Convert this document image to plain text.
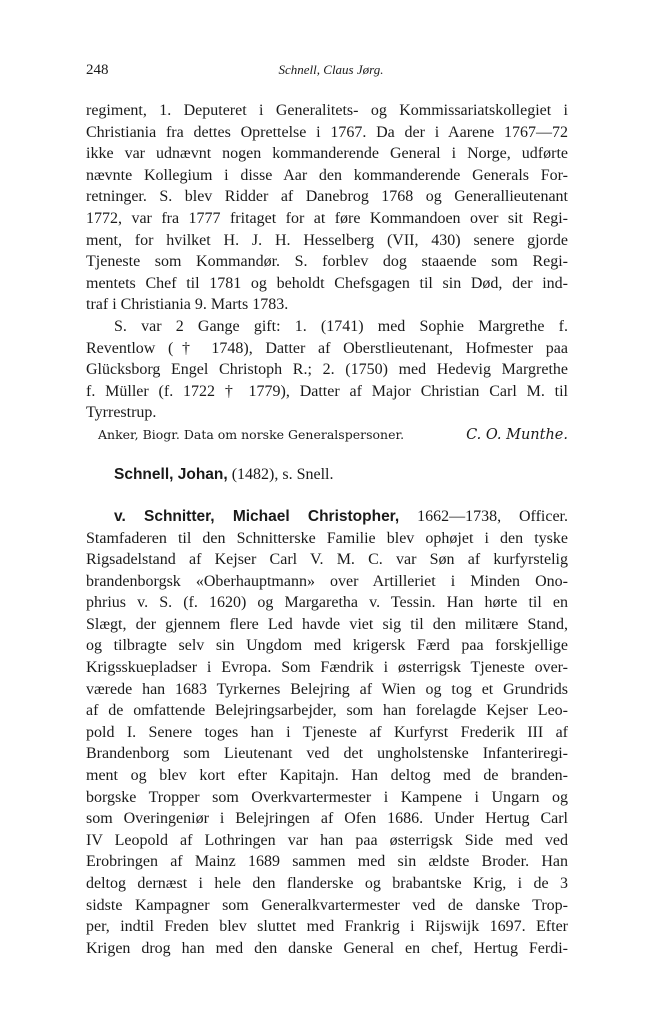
248	Schnell, Claus Jørg.
regiment, 1. Deputeret i Generalitets- og Kommissariatskollegiet i
Christiania fra dettes Oprettelse i 1767. Da der i Aarene 1767—72
ikke var udnævnt nogen kommanderende General i Norge, udførte
nævnte Kollegium i disse Aar den kommanderende Generals For-
retninger. S. blev Ridder af Danebrog 1768 og Generallieutenant
1772, var fra 1777 fritaget for at føre Kommandoen over sit Regi-
ment, for hvilket H. J. H. Hesselberg (VII, 430) senere gjorde
Tjeneste som Kommandør. S. forblev dog staaende som Regi-
mentets Chef til 1781 og beholdt Chefsgagen til sin Død, der ind-
traf i Christiania 9. Marts 1783.
S. var 2 Gange gift: 1. (1741) med Sophie Margrethe f.
Reventlow († 1748), Datter af Oberstlieutenant, Hofmester paa
Glücksborg Engel Christoph R.; 2. (1750) med Hedevig Margrethe
f. Müller (f. 1722 † 1779), Datter af Major Christian Carl M. til
Tyrrestrup.
Anker, Biogr. Data om norske Generalspersoner.	C. O. Munthe.
Schnell, Johan, (1482), s. Snell.
v. Schnitter, Michael Christopher, 1662—1738, Officer.
Stamfaderen til den Schnitterske Familie blev ophøjet i den tyske
Rigsadelstand af Kejser Carl V. M. C. var Søn af kurfyrstelig
brandenborgsk «Oberhauptmann» over Artilleriet i Minden Ono-
phrius v. S. (f. 1620) og Margaretha v. Tessin. Han hørte til en
Slægt, der gjennem flere Led havde viet sig til den militære Stand,
og tilbragte selv sin Ungdom med krigersk Færd paa forskjellige
Krigsskuepladser i Evropa. Som Fændrik i østerrigsk Tjeneste over-
værede han 1683 Tyrkernes Belejring af Wien og tog et Grundrids
af de omfattende Belejringsarbejder, som han forelagde Kejser Leo-
pold I. Senere toges han i Tjeneste af Kurfyrst Frederik III af
Brandenborg som Lieutenant ved det ungholstenske Infanteriregi-
ment og blev kort efter Kapitajn. Han deltog med de branden-
borgske Tropper som Overkvartermester i Kampene i Ungarn og
som Overingeniør i Belejringen af Ofen 1686. Under Hertug Carl
IV Leopold af Lothringen var han paa østerrigsk Side med ved
Erobringen af Mainz 1689 sammen med sin ældste Broder. Han
deltog dernæst i hele den flanderske og brabantske Krig, i de 3
sidste Kampagner som Generalkvartermester ved de danske Trop-
per, indtil Freden blev sluttet med Frankrig i Rijswijk 1697. Efter
Krigen drog han med den danske General en chef, Hertug Ferdi-
